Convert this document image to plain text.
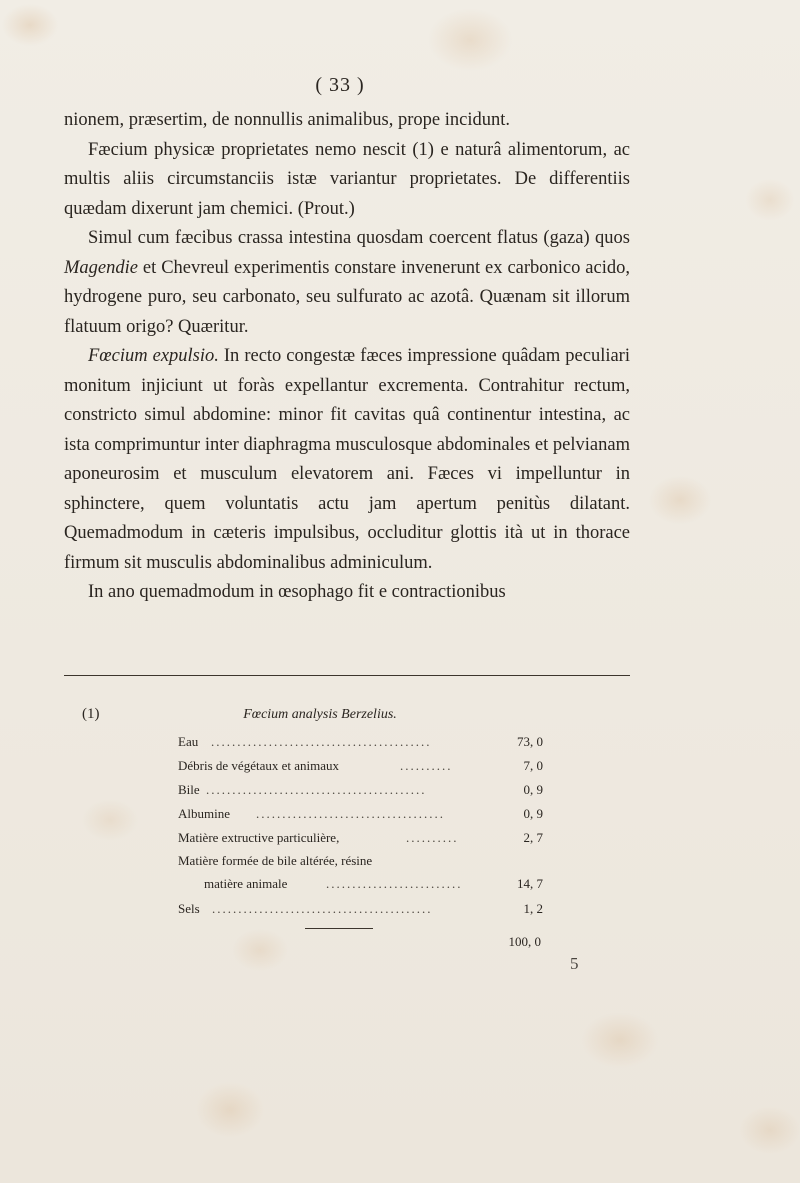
( 33 )

nionem, præsertim, de nonnullis animalibus, prope incidunt.

Fæcium physicæ proprietates nemo nescit (1) e naturâ alimentorum, ac multis aliis circumstanciis istæ variantur proprietates. De differentiis quædam dixerunt jam chemici. (Prout.)

Simul cum fæcibus crassa intestina quosdam coercent flatus (gaza) quos Magendie et Chevreul experimentis constare invenerunt ex carbonico acido, hydrogene puro, seu carbonato, seu sulfurato ac azotâ. Quænam sit illorum flatuum origo? Quæritur.

Fœcium expulsio. In recto congestæ fæces impressione quâdam peculiari monitum injiciunt ut foràs expellantur excrementa. Contrahitur rectum, constricto simul abdomine: minor fit cavitas quâ continentur intestina, ac ista comprimuntur inter diaphragma musculosque abdominales et pelvianam aponeurosim et musculum elevatorem ani. Fæces vi impelluntur in sphinctere, quem voluntatis actu jam apertum penitùs dilatant. Quemadmodum in cæteris impulsibus, occluditur glottis ità ut in thorace firmum sit musculis abdominalibus adminiculum.

In ano quemadmodum in œsophago fit e contractionibus

(1)	Fœcium analysis Berzelius.
Eau ..........................................	73, 0
Débris de végétaux et animaux	..........	7, 0
Bile ..........................................	0, 9
Albumine ....................................	0, 9
Matière extructive particulière,	..........	2, 7
Matière formée de bile altérée, résine
matière animale	..........................	14, 7
Sels ..........................................	1, 2
100, 0
5
